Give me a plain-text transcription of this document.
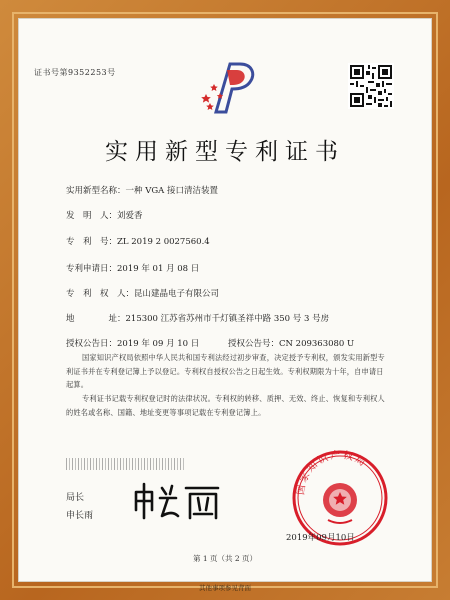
证书号第9352253号
实用新型专利证书
实用新型名称：一种 VGA 接口清洁装置
发　明　人：刘爱香
专　利　号：ZL 2019 2 0027560.4
专利申请日：2019 年 01 月 08 日
专　利　权　人：昆山建晶电子有限公司
地　　　　址：215300 江苏省苏州市千灯镇圣祥中路 350 号 3 号房
授权公告日：2019 年 09 月 10 日	授权公告号：CN 209363080 U
国家知识产权局依照中华人民共和国专利法经过初步审查，决定授予专利权，颁发实用新型专利证书并在专利登记簿上予以登记。专利权自授权公告之日起生效。专利权期限为十年，自申请日起算。
专利证书记载专利权登记时的法律状况。专利权的转移、质押、无效、终止、恢复和专利权人的姓名或名称、国籍、地址变更等事项记载在专利登记簿上。
局长
申长雨
国家知识产权局
2019年09月10日
第 1 页（共 2 页）
其他事项参见背面
